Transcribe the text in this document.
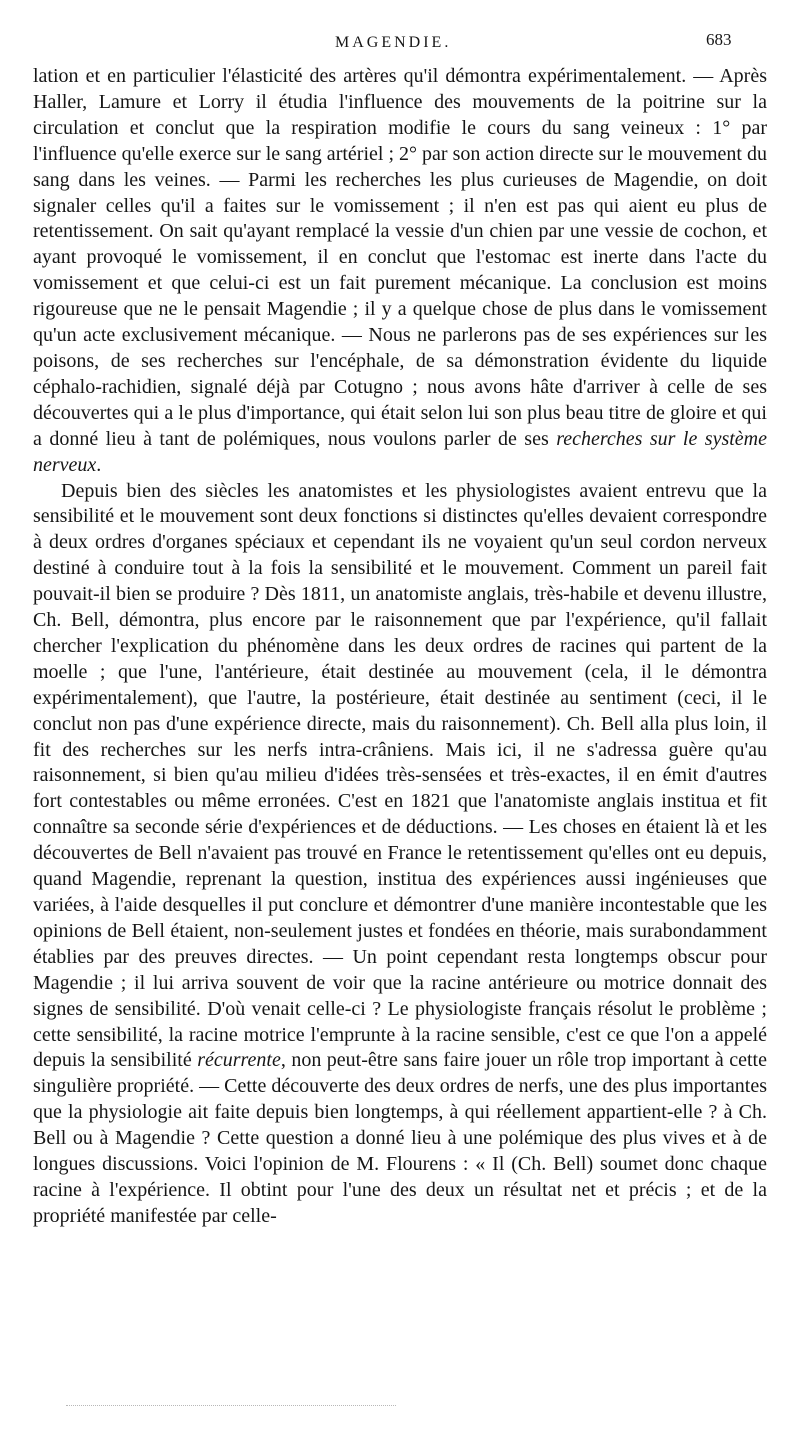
MAGENDIE.	683

lation et en particulier l'élasticité des artères qu'il démontra expérimentalement. — Après Haller, Lamure et Lorry il étudia l'influence des mouvements de la poitrine sur la circulation et conclut que la respiration modifie le cours du sang veineux : 1° par l'influence qu'elle exerce sur le sang artériel ; 2° par son action directe sur le mouvement du sang dans les veines. — Parmi les recherches les plus curieuses de Magendie, on doit signaler celles qu'il a faites sur le vomissement ; il n'en est pas qui aient eu plus de retentissement. On sait qu'ayant remplacé la vessie d'un chien par une vessie de cochon, et ayant provoqué le vomissement, il en conclut que l'estomac est inerte dans l'acte du vomissement et que celui-ci est un fait purement mécanique. La conclusion est moins rigoureuse que ne le pensait Magendie ; il y a quelque chose de plus dans le vomissement qu'un acte exclusivement mécanique. — Nous ne parlerons pas de ses expériences sur les poisons, de ses recherches sur l'encéphale, de sa démonstration évidente du liquide céphalo-rachidien, signalé déjà par Cotugno ; nous avons hâte d'arriver à celle de ses découvertes qui a le plus d'importance, qui était selon lui son plus beau titre de gloire et qui a donné lieu à tant de polémiques, nous voulons parler de ses recherches sur le système nerveux.

Depuis bien des siècles les anatomistes et les physiologistes avaient entrevu que la sensibilité et le mouvement sont deux fonctions si distinctes qu'elles devaient correspondre à deux ordres d'organes spéciaux et cependant ils ne voyaient qu'un seul cordon nerveux destiné à conduire tout à la fois la sensibilité et le mouvement. Comment un pareil fait pouvait-il bien se produire ? Dès 1811, un anatomiste anglais, très-habile et devenu illustre, Ch. Bell, démontra, plus encore par le raisonnement que par l'expérience, qu'il fallait chercher l'explication du phénomène dans les deux ordres de racines qui partent de la moelle ; que l'une, l'antérieure, était destinée au mouvement (cela, il le démontra expérimentalement), que l'autre, la postérieure, était destinée au sentiment (ceci, il le conclut non pas d'une expérience directe, mais du raisonnement). Ch. Bell alla plus loin, il fit des recherches sur les nerfs intra-crâniens. Mais ici, il ne s'adressa guère qu'au raisonnement, si bien qu'au milieu d'idées très-sensées et très-exactes, il en émit d'autres fort contestables ou même erronées. C'est en 1821 que l'anatomiste anglais institua et fit connaître sa seconde série d'expériences et de déductions. — Les choses en étaient là et les découvertes de Bell n'avaient pas trouvé en France le retentissement qu'elles ont eu depuis, quand Magendie, reprenant la question, institua des expériences aussi ingénieuses que variées, à l'aide desquelles il put conclure et démontrer d'une manière incontestable que les opinions de Bell étaient, non-seulement justes et fondées en théorie, mais surabondamment établies par des preuves directes. — Un point cependant resta longtemps obscur pour Magendie ; il lui arriva souvent de voir que la racine antérieure ou motrice donnait des signes de sensibilité. D'où venait celle-ci ? Le physiologiste français résolut le problème ; cette sensibilité, la racine motrice l'emprunte à la racine sensible, c'est ce que l'on a appelé depuis la sensibilité récurrente, non peut-être sans faire jouer un rôle trop important à cette singulière propriété. — Cette découverte des deux ordres de nerfs, une des plus importantes que la physiologie ait faite depuis bien longtemps, à qui réellement appartient-elle ? à Ch. Bell ou à Magendie ? Cette question a donné lieu à une polémique des plus vives et à de longues discussions. Voici l'opinion de M. Flourens : « Il (Ch. Bell) soumet donc chaque racine à l'expérience. Il obtint pour l'une des deux un résultat net et précis ; et de la propriété manifestée par celle-
